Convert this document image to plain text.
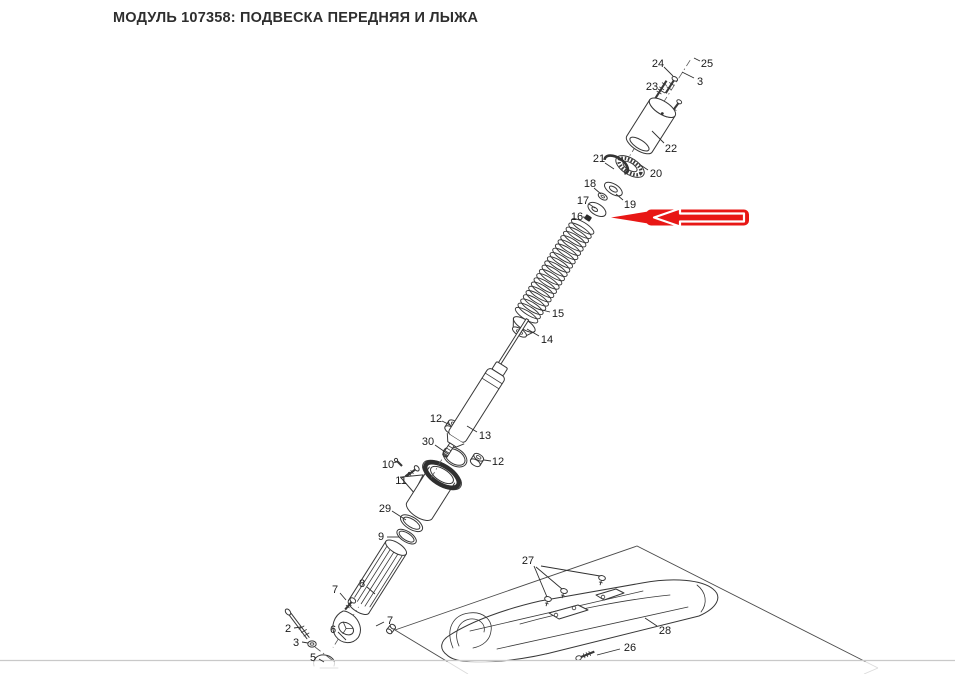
МОДУЛЬ 107358: ПОДВЕСКА ПЕРЕДНЯЯ И ЛЫЖА
25
24
23	3
22
20
21
19
18
17
16
15
14
13
12
12
30
10
11
29
9
8
7
7
2
3
6
5
27
26
28
